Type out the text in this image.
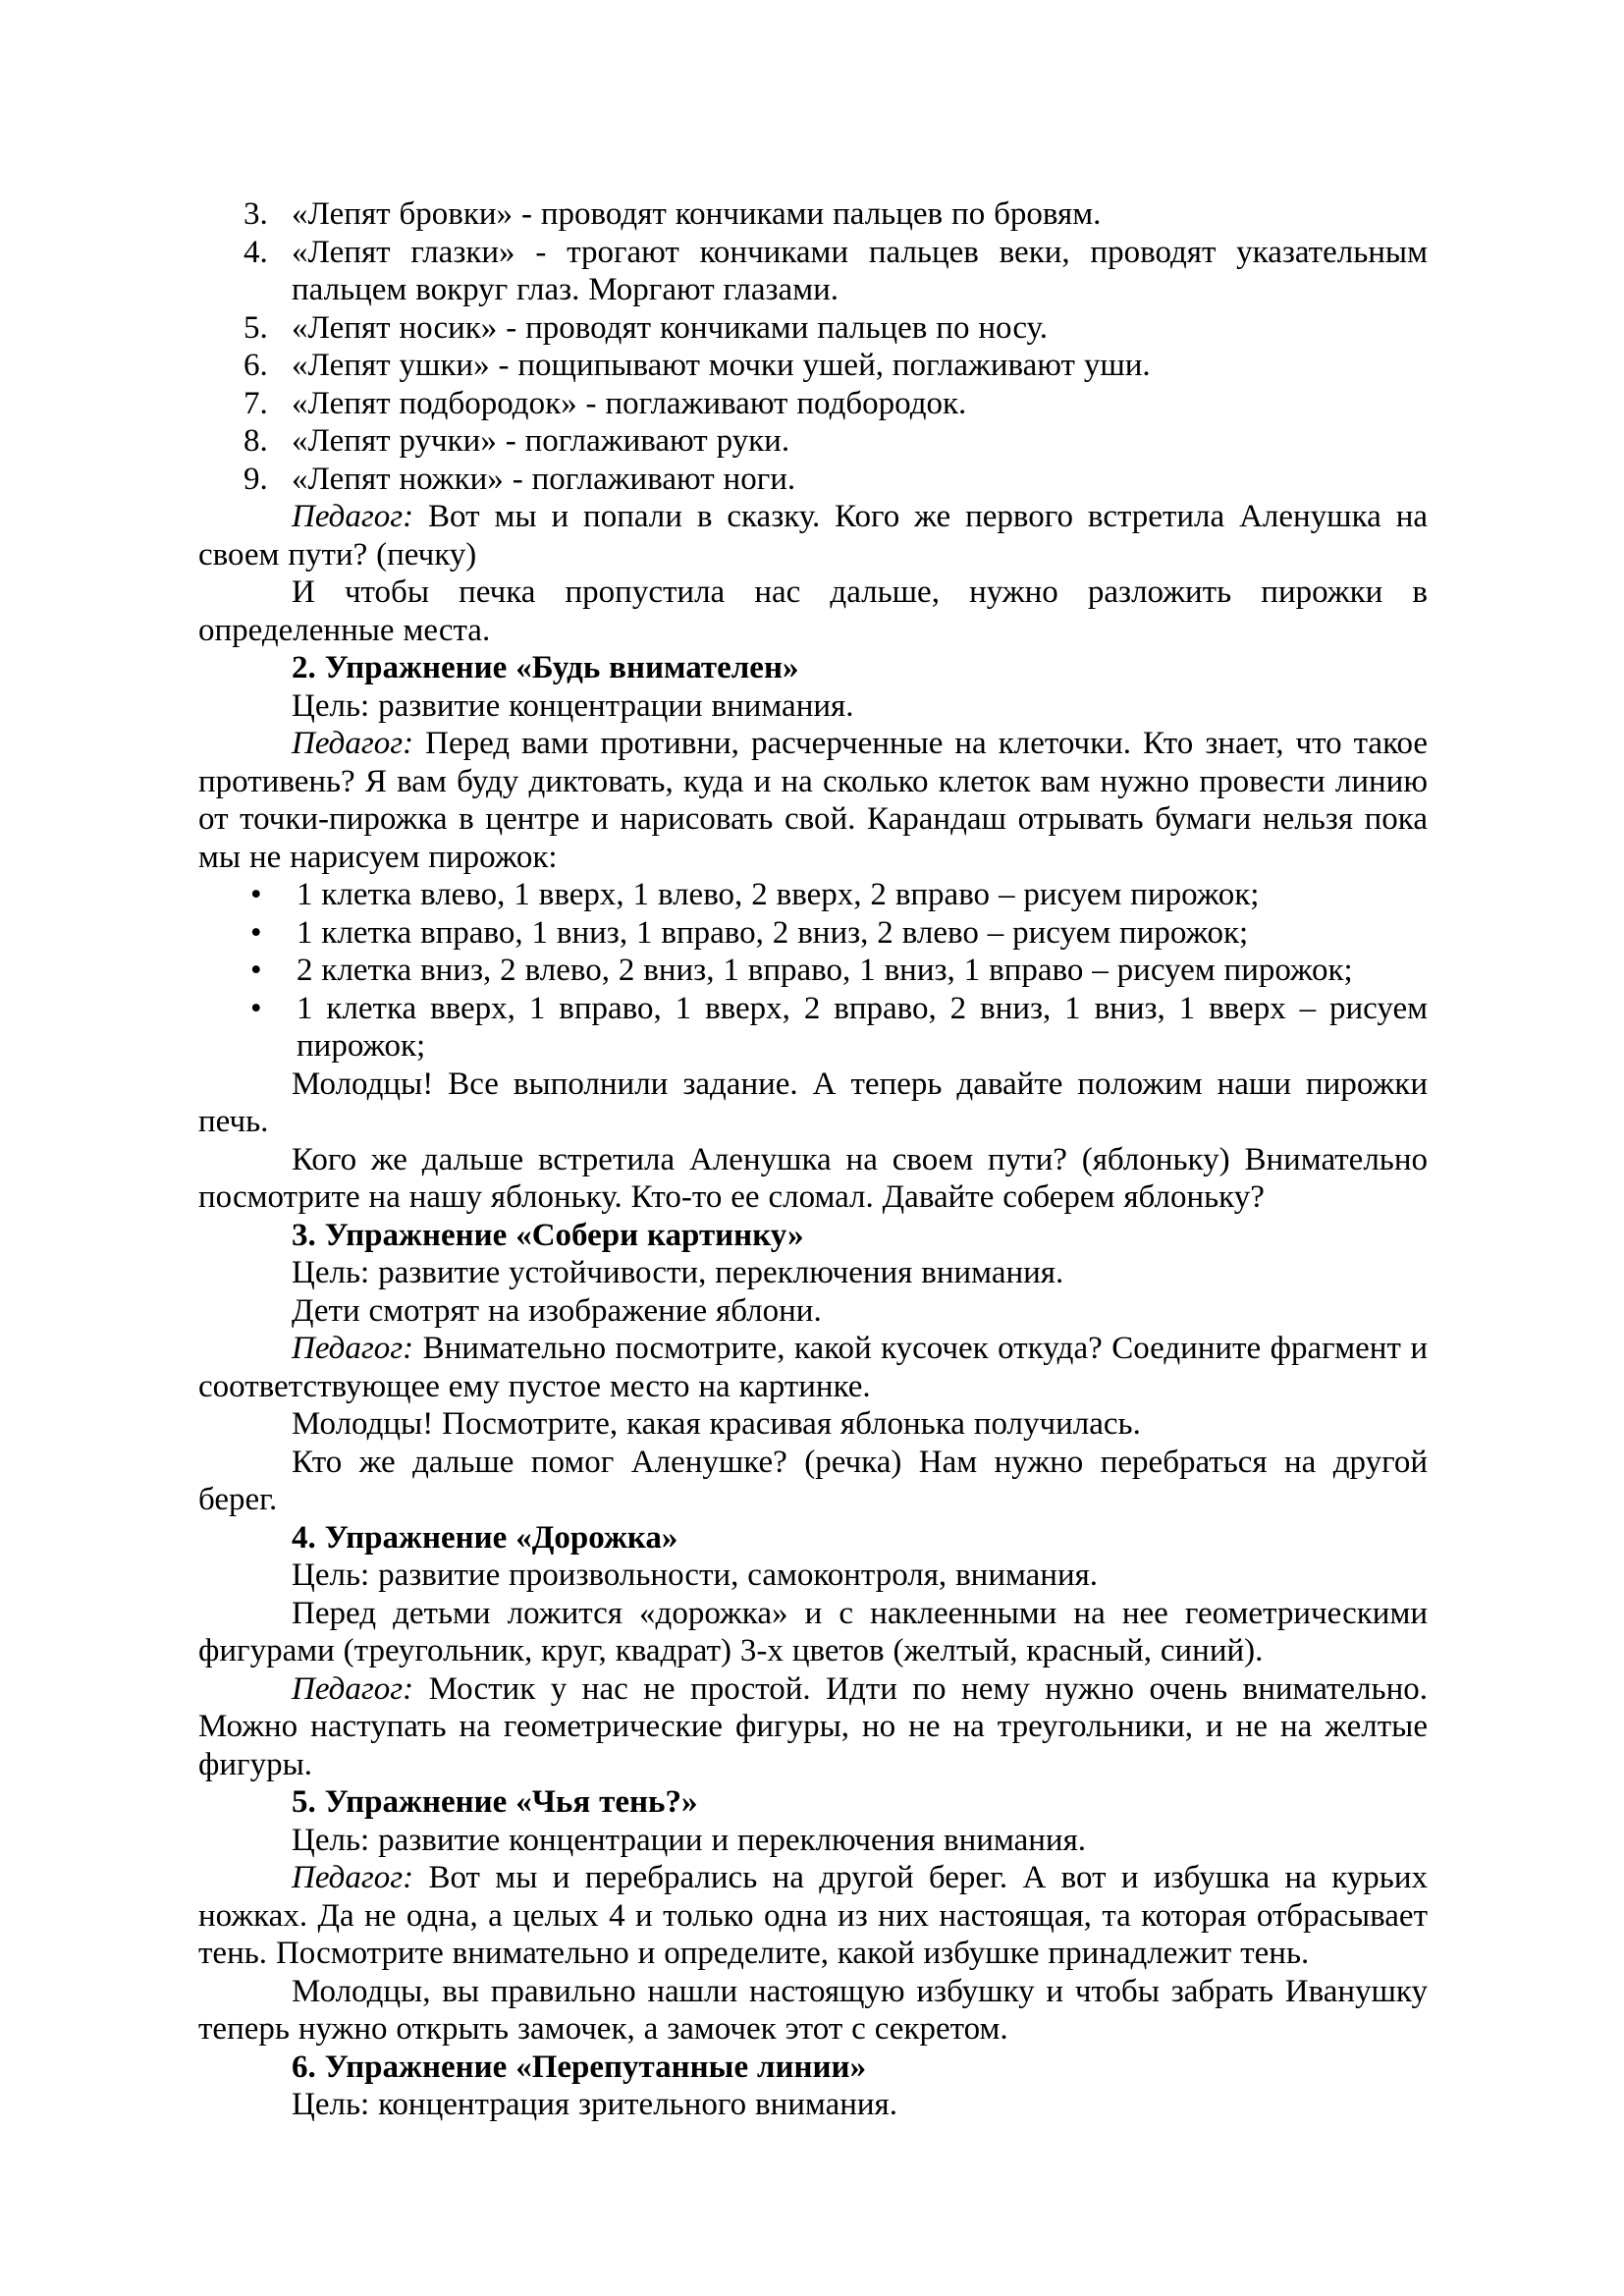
3. «Лепят бровки» - проводят кончиками пальцев по бровям.
4. «Лепят глазки» - трогают кончиками пальцев веки, проводят указательным пальцем вокруг глаз. Моргают глазами.
5. «Лепят носик» - проводят кончиками пальцев по носу.
6. «Лепят ушки» - пощипывают мочки ушей, поглаживают уши.
7. «Лепят подбородок» - поглаживают подбородок.
8. «Лепят ручки» - поглаживают руки.
9. «Лепят ножки» - поглаживают ноги.
Педагог: Вот мы и попали в сказку. Кого же первого встретила Аленушка на своем пути? (печку)
И чтобы печка пропустила нас дальше, нужно разложить пирожки в определенные места.
2. Упражнение «Будь внимателен»
Цель: развитие концентрации внимания.
Педагог: Перед вами противни, расчерченные на клеточки. Кто знает, что такое противень? Я вам буду диктовать, куда и на сколько клеток вам нужно провести линию от точки-пирожка в центре и нарисовать свой. Карандаш отрывать бумаги нельзя пока мы не нарисуем пирожок:
• 1 клетка влево, 1 вверх, 1 влево, 2 вверх, 2 вправо – рисуем пирожок;
• 1 клетка вправо, 1 вниз, 1 вправо, 2 вниз, 2 влево – рисуем пирожок;
• 2 клетка вниз, 2 влево, 2 вниз, 1 вправо, 1 вниз, 1 вправо – рисуем пирожок;
• 1 клетка вверх, 1 вправо, 1 вверх, 2 вправо, 2 вниз, 1 вниз, 1 вверх – рисуем пирожок;
Молодцы! Все выполнили задание. А теперь давайте положим наши пирожки печь.
Кого же дальше встретила Аленушка на своем пути? (яблоньку) Внимательно посмотрите на нашу яблоньку. Кто-то ее сломал. Давайте соберем яблоньку?
3. Упражнение «Собери картинку»
Цель: развитие устойчивости, переключения внимания.
Дети смотрят на изображение яблони.
Педагог: Внимательно посмотрите, какой кусочек откуда? Соедините фрагмент и соответствующее ему пустое место на картинке.
Молодцы! Посмотрите, какая красивая яблонька получилась.
Кто же дальше помог Аленушке? (речка) Нам нужно перебраться на другой берег.
4. Упражнение «Дорожка»
Цель: развитие произвольности, самоконтроля, внимания.
Перед детьми ложится «дорожка» и с наклеенными на нее геометрическими фигурами (треугольник, круг, квадрат) 3-х цветов (желтый, красный, синий).
Педагог: Мостик у нас не простой. Идти по нему нужно очень внимательно. Можно наступать на геометрические фигуры, но не на треугольники, и не на желтые фигуры.
5. Упражнение «Чья тень?»
Цель: развитие концентрации и переключения внимания.
Педагог: Вот мы и перебрались на другой берег. А вот и избушка на курьих ножках. Да не одна, а целых 4 и только одна из них настоящая, та которая отбрасывает тень. Посмотрите внимательно и определите, какой избушке принадлежит тень.
Молодцы, вы правильно нашли настоящую избушку и чтобы забрать Иванушку теперь нужно открыть замочек, а замочек этот с секретом.
6. Упражнение «Перепутанные линии»
Цель: концентрация зрительного внимания.
